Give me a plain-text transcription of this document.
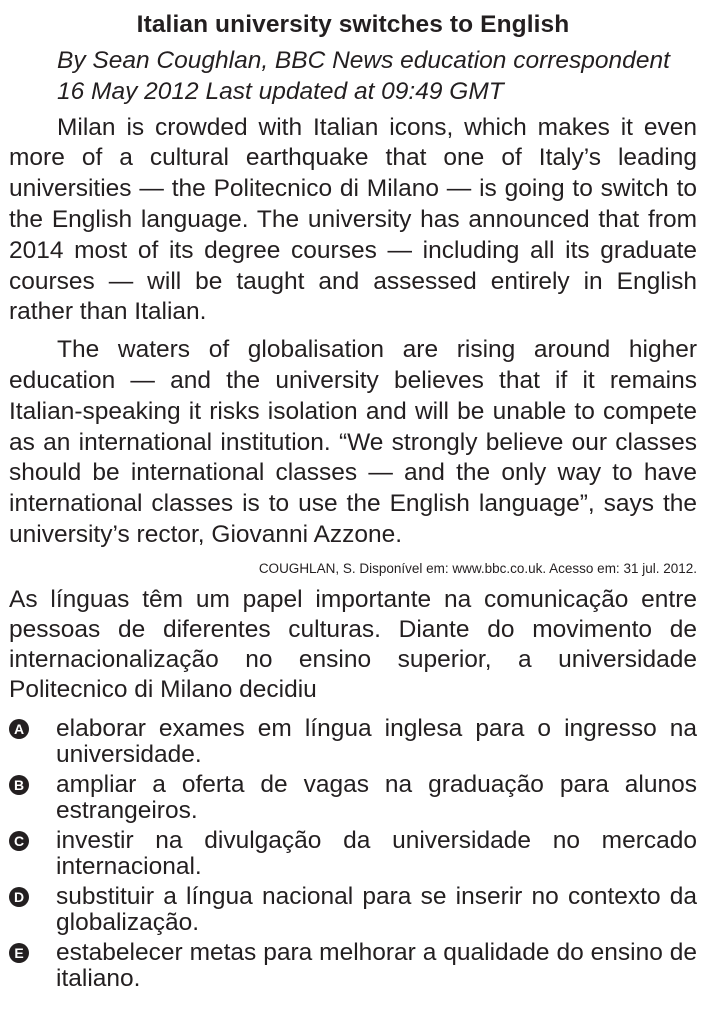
Italian university switches to English

By Sean Coughlan, BBC News education correspondent

16 May 2012 Last updated at 09:49 GMT

Milan is crowded with Italian icons, which makes it even more of a cultural earthquake that one of Italy’s leading universities — the Politecnico di Milano — is going to switch to the English language. The university has announced that from 2014 most of its degree courses — including all its graduate courses — will be taught and assessed entirely in English rather than Italian.

The waters of globalisation are rising around higher education — and the university believes that if it remains Italian-speaking it risks isolation and will be unable to compete as an international institution. “We strongly believe our classes should be international classes — and the only way to have international classes is to use the English language”, says the university’s rector, Giovanni Azzone.

COUGHLAN, S. Disponível em: www.bbc.co.uk. Acesso em: 31 jul. 2012.
As línguas têm um papel importante na comunicação entre pessoas de diferentes culturas. Diante do movimento de internacionalização no ensino superior, a universidade Politecnico di Milano decidiu
A elaborar exames em língua inglesa para o ingresso na universidade.
B ampliar a oferta de vagas na graduação para alunos estrangeiros.
C investir na divulgação da universidade no mercado internacional.
D substituir a língua nacional para se inserir no contexto da globalização.
E estabelecer metas para melhorar a qualidade do ensino de italiano.
